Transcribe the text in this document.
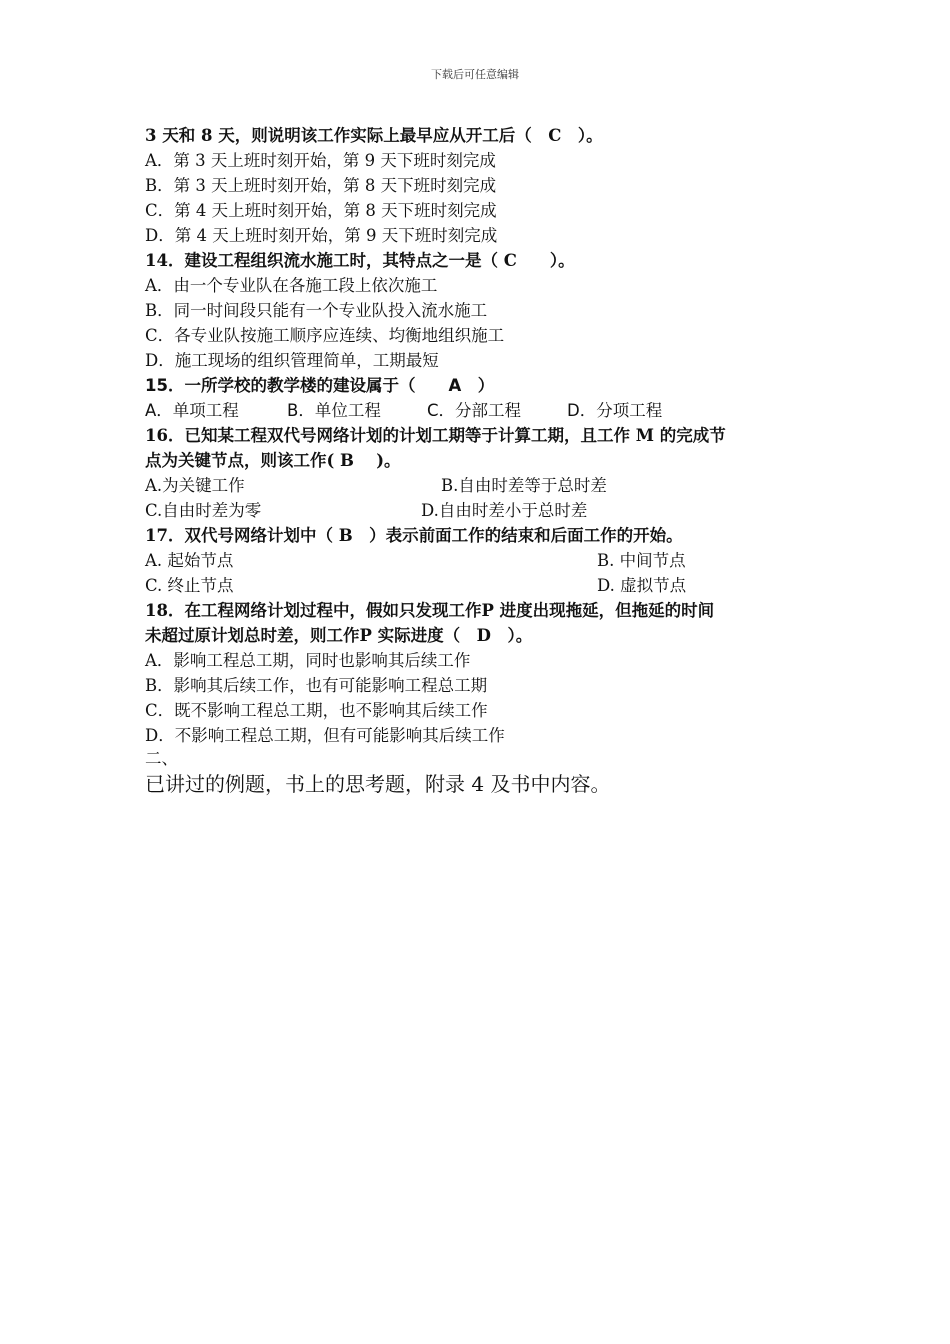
下载后可任意编辑
3 天和 8 天，则说明该工作实际上最早应从开工后（　C　）。
A．第 3 天上班时刻开始，第 9 天下班时刻完成
B．第 3 天上班时刻开始，第 8 天下班时刻完成
C．第 4 天上班时刻开始，第 8 天下班时刻完成
D．第 4 天上班时刻开始，第 9 天下班时刻完成
14．建设工程组织流水施工时，其特点之一是（ C　　）。
A．由一个专业队在各施工段上依次施工
B．同一时间段只能有一个专业队投入流水施工
C．各专业队按施工顺序应连续、均衡地组织施工
D．施工现场的组织管理简单，工期最短
15．一所学校的教学楼的建设属于（　　A　）
A．单项工程	B．单位工程	C．分部工程	D．分项工程
16．已知某工程双代号网络计划的计划工期等于计算工期，且工作 M 的完成节
点为关键节点，则该工作( B　 )。
A.为关键工作	B.自由时差等于总时差
C.自由时差为零	D.自由时差小于总时差
17．双代号网络计划中（ B　）表示前面工作的结束和后面工作的开始。
A. 起始节点	B. 中间节点
C. 终止节点	D. 虚拟节点
18．在工程网络计划过程中，假如只发现工作P 进度出现拖延，但拖延的时间
未超过原计划总时差，则工作P 实际进度（　D　）。
A．影响工程总工期，同时也影响其后续工作
B．影响其后续工作，也有可能影响工程总工期
C．既不影响工程总工期，也不影响其后续工作
D．不影响工程总工期，但有可能影响其后续工作
二、
已讲过的例题，书上的思考题，附录 4 及书中内容。
